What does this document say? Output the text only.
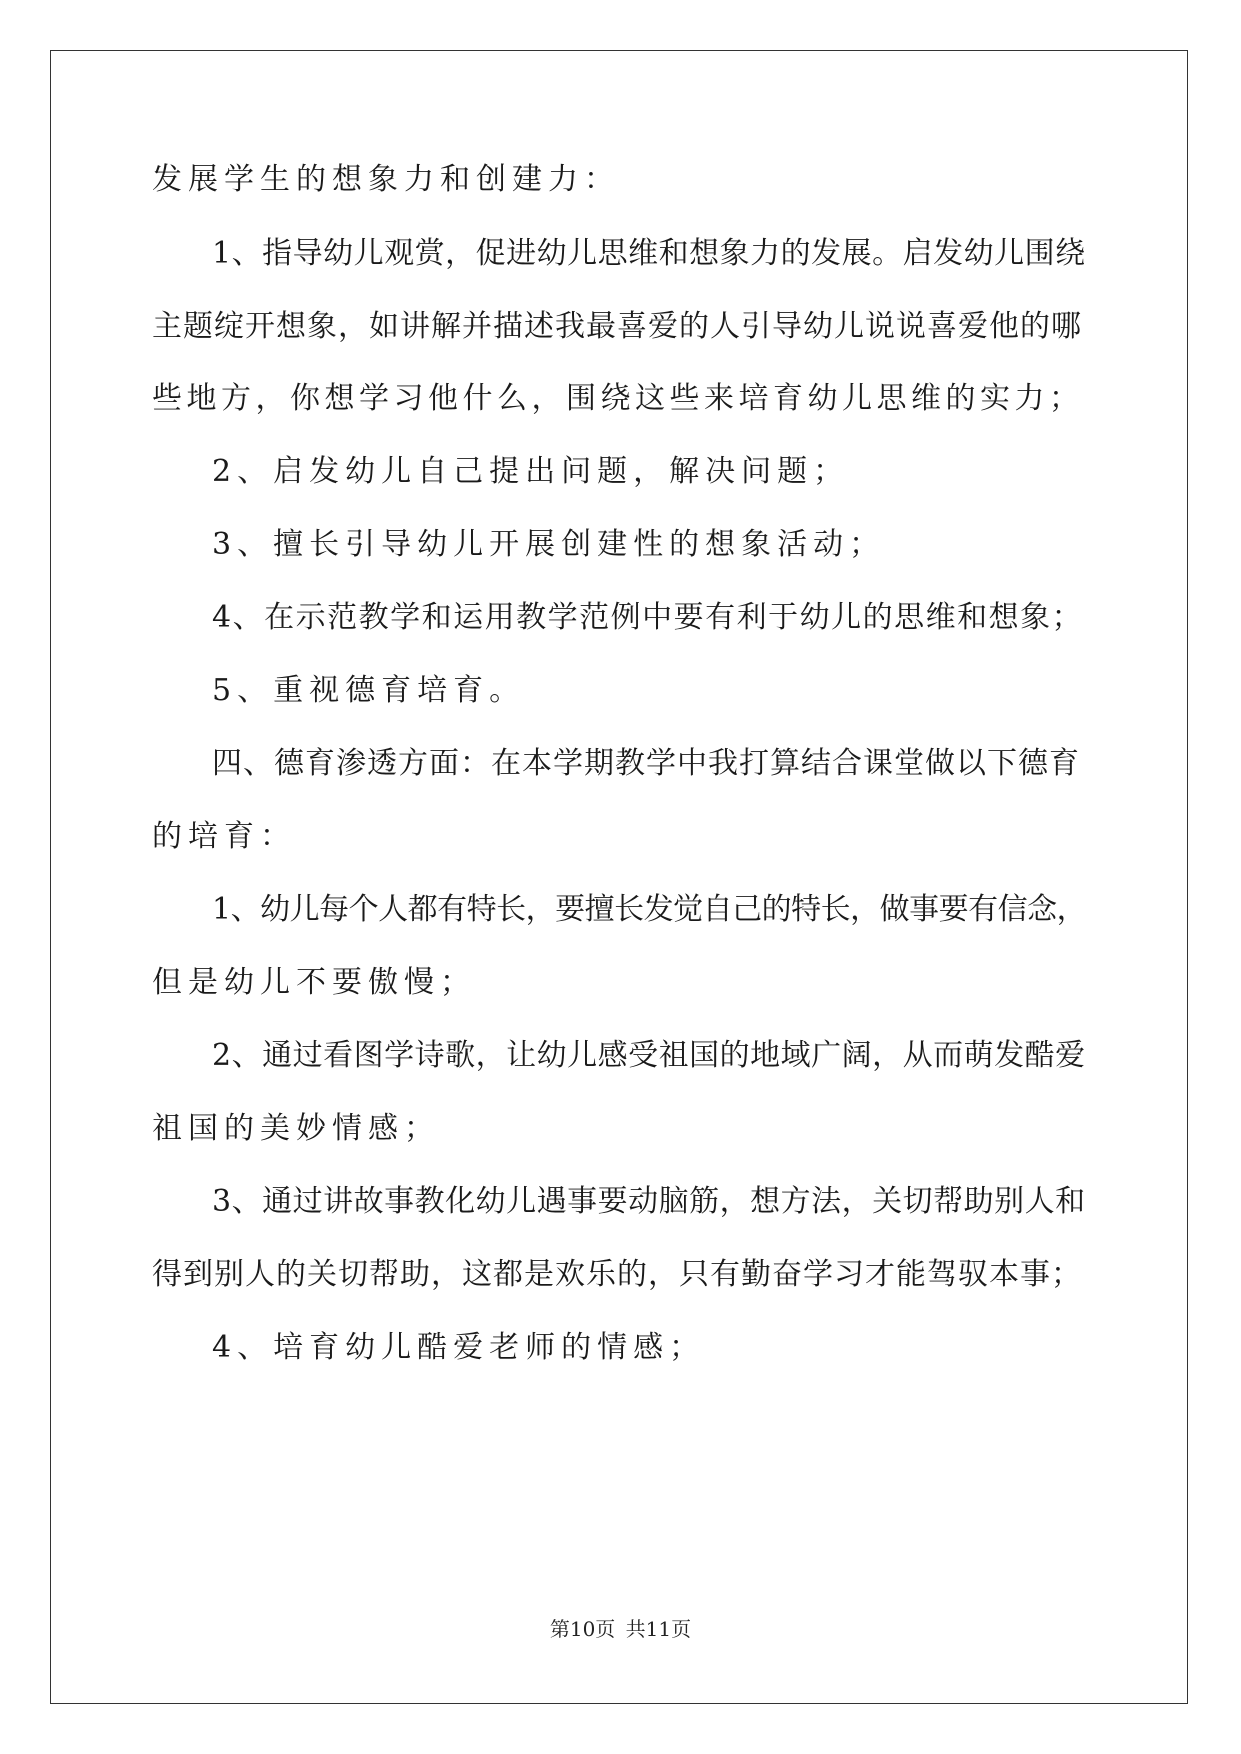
发展学生的想象力和创建力：
1、指导幼儿观赏，促进幼儿思维和想象力的发展。启发幼儿围绕
主题绽开想象，如讲解并描述我最喜爱的人引导幼儿说说喜爱他的哪
些地方，你想学习他什么，围绕这些来培育幼儿思维的实力；
2、启发幼儿自己提出问题，解决问题；
3、擅长引导幼儿开展创建性的想象活动；
4、在示范教学和运用教学范例中要有利于幼儿的思维和想象；
5、重视德育培育。
四、德育渗透方面：在本学期教学中我打算结合课堂做以下德育
的培育：
1、幼儿每个人都有特长，要擅长发觉自己的特长，做事要有信念，
但是幼儿不要傲慢；
2、通过看图学诗歌，让幼儿感受祖国的地域广阔，从而萌发酷爱
祖国的美妙情感；
3、通过讲故事教化幼儿遇事要动脑筋，想方法，关切帮助别人和
得到别人的关切帮助，这都是欢乐的，只有勤奋学习才能驾驭本事；
4、培育幼儿酷爱老师的情感；
第10页 共11页
